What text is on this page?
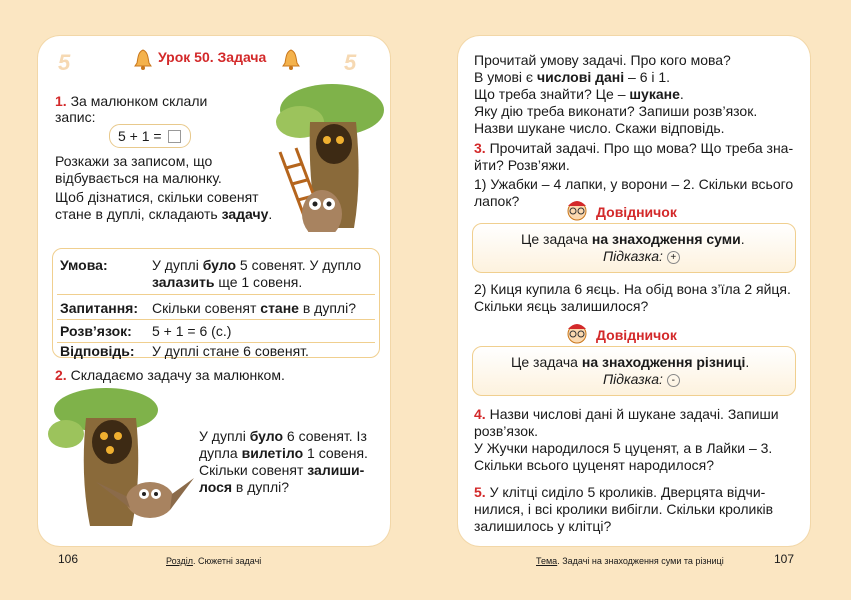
5	Урок 50. Задача	5
1. За малюнком склали
запис:
5 + 1 =
Розкажи за записом, що
відбувається на малюнку.
Щоб дізнатися, скільки совенят
стане в дуплі, складають задачу.
Умова:	У дуплі було 5 совенят. У дупло
залазить ще 1 совеня.
Запитання: Скільки совенят стане в дуплі?
Розв’язок: 5 + 1 = 6 (с.)
Відповідь: У дуплі стане 6 совенят.
2. Складаємо задачу за малюнком.
У дуплі було 6 совенят. Із
дупла вилетіло 1 совеня.
Скільки совенят залиши-
лося в дуплі?
106	Розділ. Сюжетні задачі
Прочитай умову задачі. Про кого мова?
В умові є числові дані – 6 і 1.
Що треба знайти? Це – шукане.
Яку дію треба виконати? Запиши розв’язок.
Назви шукане число. Скажи відповідь.
3. Прочитай задачі. Про що мова? Що треба зна-
йти? Розв’яжи.
1) Ужабки – 4 лапки, у ворони – 2. Скільки всього
лапок?
Довідничок
Це задача на знаходження суми.
Підказка: +
2) Киця купила 6 яєць. На обід вона з’їла 2 яйця.
Скільки яєць залишилося?
Довідничок
Це задача на знаходження різниці.
Підказка: -
4. Назви числові дані й шукане задачі. Запиши
розв’язок.
У Жучки народилося 5 цуценят, а в Лайки – 3.
Скільки всього цуценят народилося?
5. У клітці сиділо 5 кроликів. Дверцята відчи-
нилися, і всі кролики вибігли. Скільки кроликів
залишилось у клітці?
Тема. Задачі на знаходження суми та різниці	107
